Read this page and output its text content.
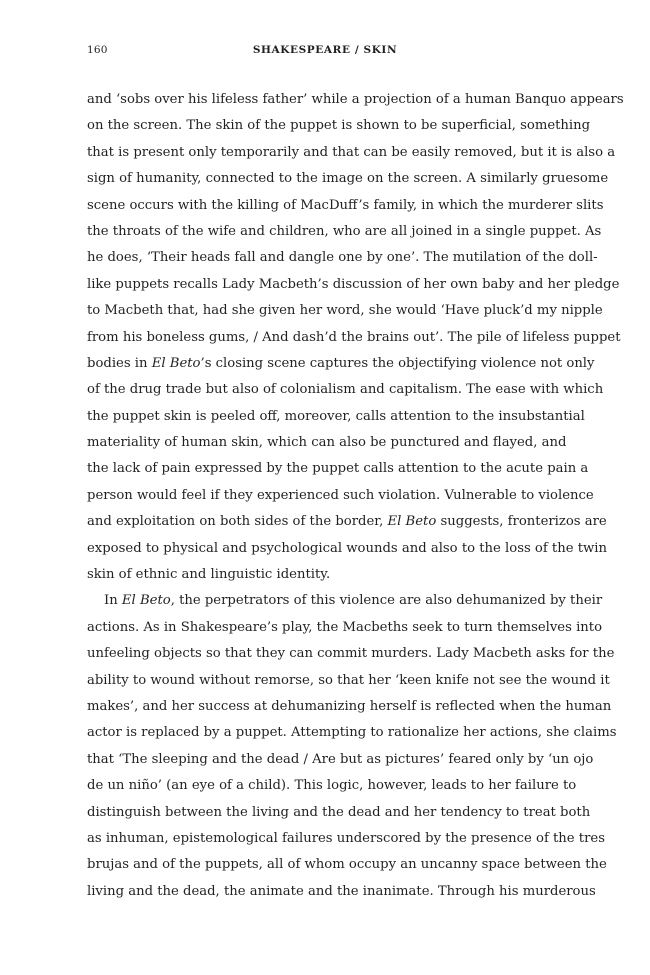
160	SHAKESPEARE / SKIN
and ‘sobs over his lifeless father’ while a projection of a human Banquo appears
on the screen. The skin of the puppet is shown to be superficial, something
that is present only temporarily and that can be easily removed, but it is also a
sign of humanity, connected to the image on the screen. A similarly gruesome
scene occurs with the killing of MacDuff’s family, in which the murderer slits
the throats of the wife and children, who are all joined in a single puppet. As
he does, ‘Their heads fall and dangle one by one’. The mutilation of the doll-
like puppets recalls Lady Macbeth’s discussion of her own baby and her pledge
to Macbeth that, had she given her word, she would ‘Have pluck’d my nipple
from his boneless gums, / And dash’d the brains out’. The pile of lifeless puppet
bodies in El Beto’s closing scene captures the objectifying violence not only
of the drug trade but also of colonialism and capitalism. The ease with which
the puppet skin is peeled off, moreover, calls attention to the insubstantial
materiality of human skin, which can also be punctured and flayed, and
the lack of pain expressed by the puppet calls attention to the acute pain a
person would feel if they experienced such violation. Vulnerable to violence
and exploitation on both sides of the border, El Beto suggests, fronterizos are
exposed to physical and psychological wounds and also to the loss of the twin
skin of ethnic and linguistic identity.
In El Beto, the perpetrators of this violence are also dehumanized by their
actions. As in Shakespeare’s play, the Macbeths seek to turn themselves into
unfeeling objects so that they can commit murders. Lady Macbeth asks for the
ability to wound without remorse, so that her ‘keen knife not see the wound it
makes’, and her success at dehumanizing herself is reflected when the human
actor is replaced by a puppet. Attempting to rationalize her actions, she claims
that ‘The sleeping and the dead / Are but as pictures’ feared only by ‘un ojo
de un niño’ (an eye of a child). This logic, however, leads to her failure to
distinguish between the living and the dead and her tendency to treat both
as inhuman, epistemological failures underscored by the presence of the tres
brujas and of the puppets, all of whom occupy an uncanny space between the
living and the dead, the animate and the inanimate. Through his murderous
